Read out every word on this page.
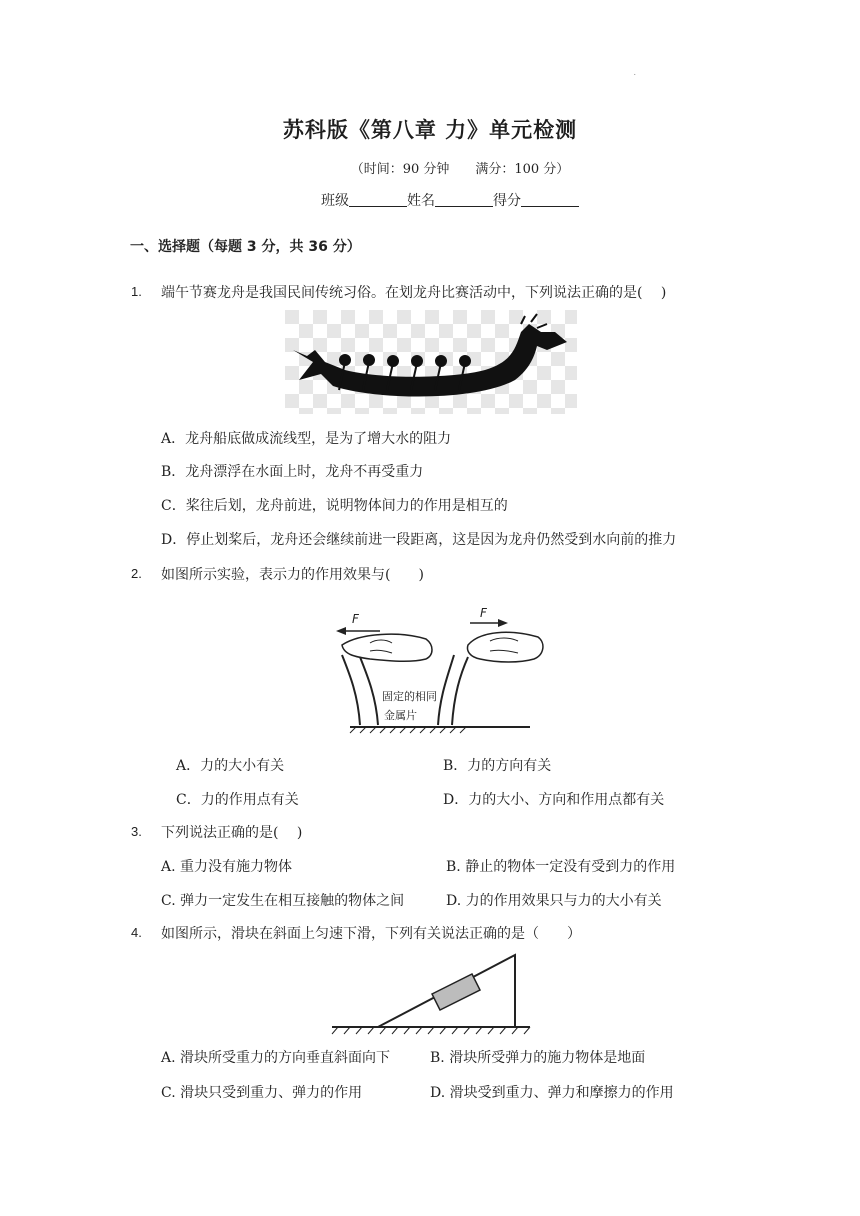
.
苏科版《第八章 力》单元检测
（时间：90 分钟　　满分：100 分）
班级	姓名	得分
一、选择题（每题 3 分，共 36 分）
1. 端午节赛龙舟是我国民间传统习俗。在划龙舟比赛活动中，下列说法正确的是(　 )
A．龙舟船底做成流线型，是为了增大水的阻力
B．龙舟漂浮在水面上时，龙舟不再受重力
C．桨往后划，龙舟前进，说明物体间力的作用是相互的
D．停止划桨后，龙舟还会继续前进一段距离，这是因为龙舟仍然受到水向前的推力
2. 如图所示实验，表示力的作用效果与(　　)
F	F
固定的相同
金属片
A．力的大小有关	B．力的方向有关
C．力的作用点有关	D．力的大小、方向和作用点都有关
3. 下列说法正确的是(　 )
A. 重力没有施力物体	B. 静止的物体一定没有受到力的作用
C. 弹力一定发生在相互接触的物体之间	D. 力的作用效果只与力的大小有关
4. 如图所示，滑块在斜面上匀速下滑，下列有关说法正确的是（　　）
A. 滑块所受重力的方向垂直斜面向下	B. 滑块所受弹力的施力物体是地面
C. 滑块只受到重力、弹力的作用	D. 滑块受到重力、弹力和摩擦力的作用
